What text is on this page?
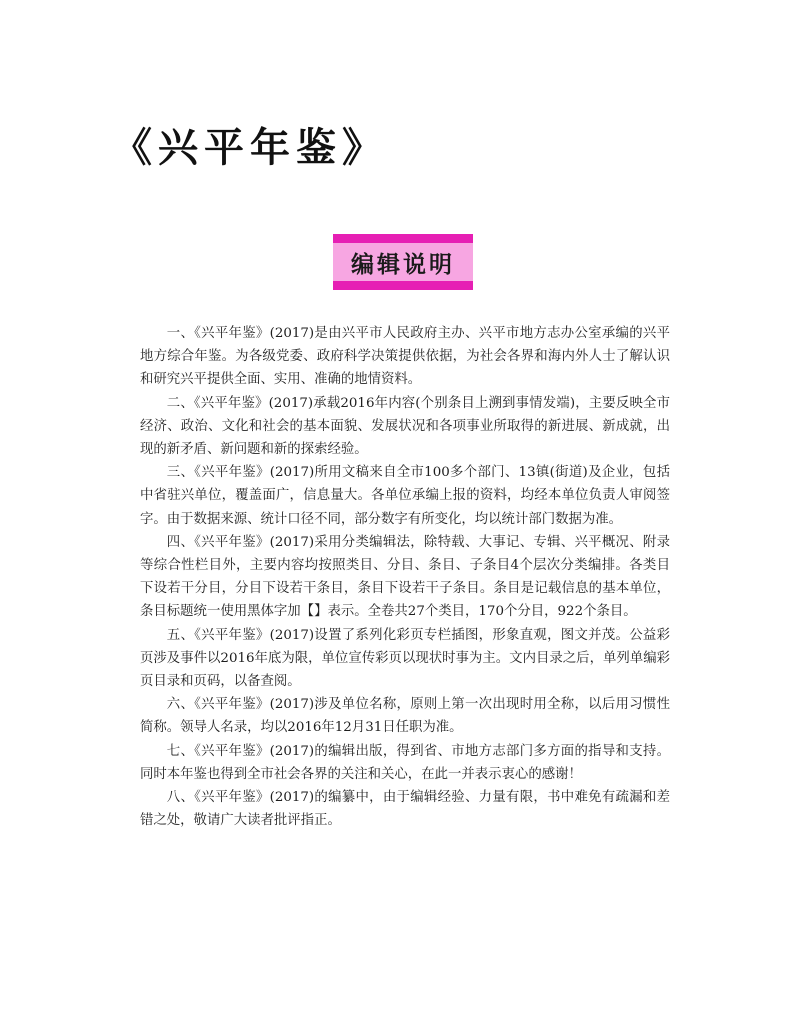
《兴平年鉴》
编辑说明

一、《兴平年鉴》(2017)是由兴平市人民政府主办、兴平市地方志办公室承编的兴平地方综合年鉴。为各级党委、政府科学决策提供依据，为社会各界和海内外人士了解认识和研究兴平提供全面、实用、准确的地情资料。

二、《兴平年鉴》(2017)承载2016年内容(个别条目上溯到事情发端)，主要反映全市经济、政治、文化和社会的基本面貌、发展状况和各项事业所取得的新进展、新成就，出现的新矛盾、新问题和新的探索经验。

三、《兴平年鉴》(2017)所用文稿来自全市100多个部门、13镇(街道)及企业，包括中省驻兴单位，覆盖面广，信息量大。各单位承编上报的资料，均经本单位负责人审阅签字。由于数据来源、统计口径不同，部分数字有所变化，均以统计部门数据为准。

四、《兴平年鉴》(2017)采用分类编辑法，除特载、大事记、专辑、兴平概况、附录等综合性栏目外，主要内容均按照类目、分目、条目、子条目4个层次分类编排。各类目下设若干分目，分目下设若干条目，条目下设若干子条目。条目是记载信息的基本单位，条目标题统一使用黑体字加【】表示。全卷共27个类目，170个分目，922个条目。

五、《兴平年鉴》(2017)设置了系列化彩页专栏插图，形象直观，图文并茂。公益彩页涉及事件以2016年底为限，单位宣传彩页以现状时事为主。文内目录之后，单列单编彩页目录和页码，以备查阅。

六、《兴平年鉴》(2017)涉及单位名称，原则上第一次出现时用全称，以后用习惯性简称。领导人名录，均以2016年12月31日任职为准。

七、《兴平年鉴》(2017)的编辑出版，得到省、市地方志部门多方面的指导和支持。同时本年鉴也得到全市社会各界的关注和关心，在此一并表示衷心的感谢！

八、《兴平年鉴》(2017)的编纂中，由于编辑经验、力量有限，书中难免有疏漏和差错之处，敬请广大读者批评指正。
